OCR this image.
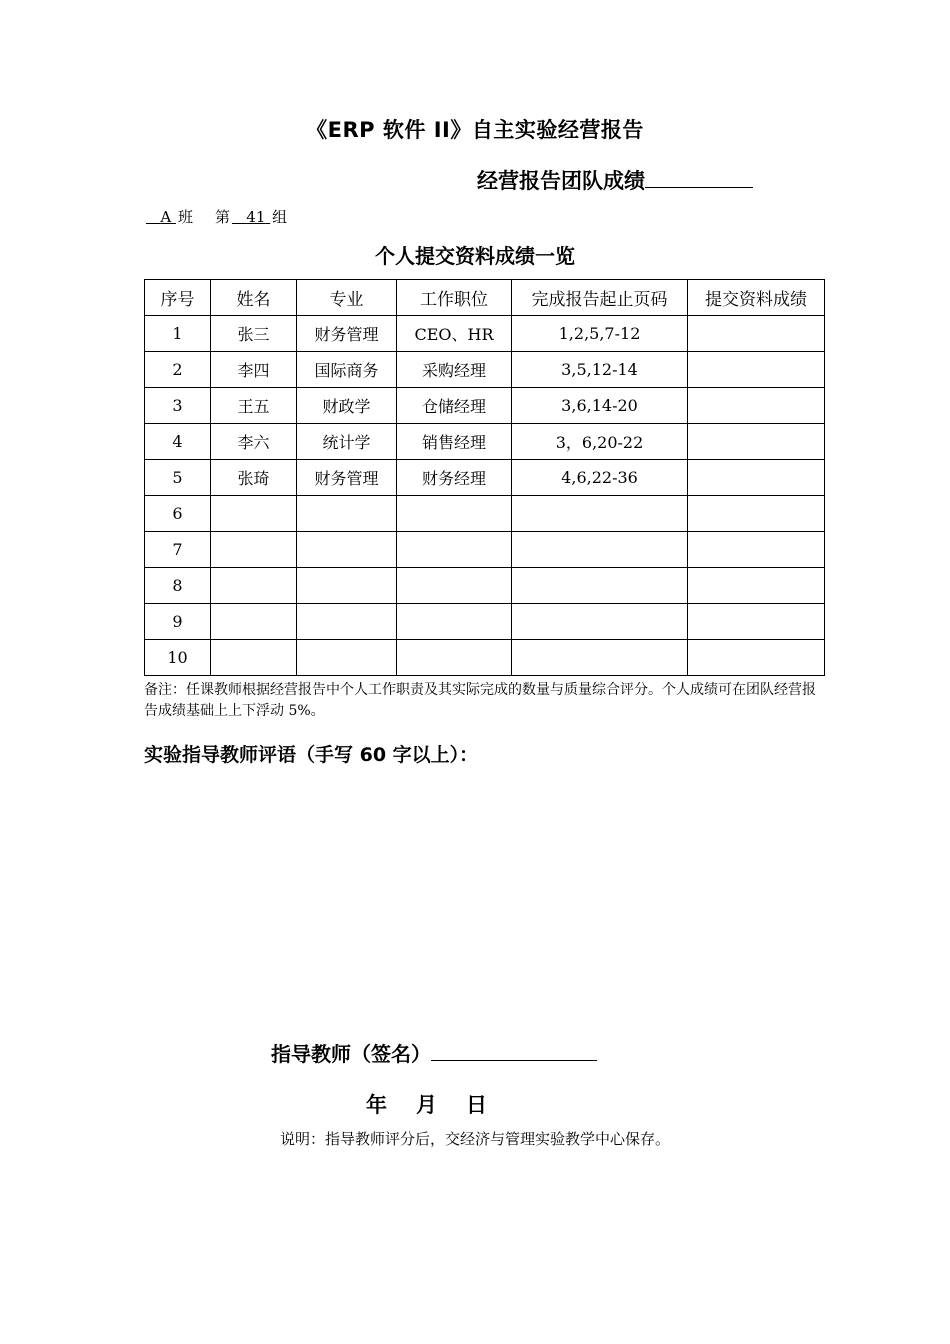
《ERP 软件 II》自主实验经营报告
经营报告团队成绩
A 班 第 41 组
个人提交资料成绩一览
序号	姓名	专业	工作职位	完成报告起止页码	提交资料成绩
1	张三	财务管理	CEO、HR	1,2,5,7-12	
2	李四	国际商务	采购经理	3,5,12-14	
3	王五	财政学	仓储经理	3,6,14-20	
4	李六	统计学	销售经理	3，6,20-22	
5	张琦	财务管理	财务经理	4,6,22-36	
6					
7					
8					
9					
10					
备注：任课教师根据经营报告中个人工作职责及其实际完成的数量与质量综合评分。个人成绩可在团队经营报告成绩基础上上下浮动 5%。
实验指导教师评语（手写 60 字以上）：
指导教师（签名）
年 月 日
说明：指导教师评分后，交经济与管理实验教学中心保存。
